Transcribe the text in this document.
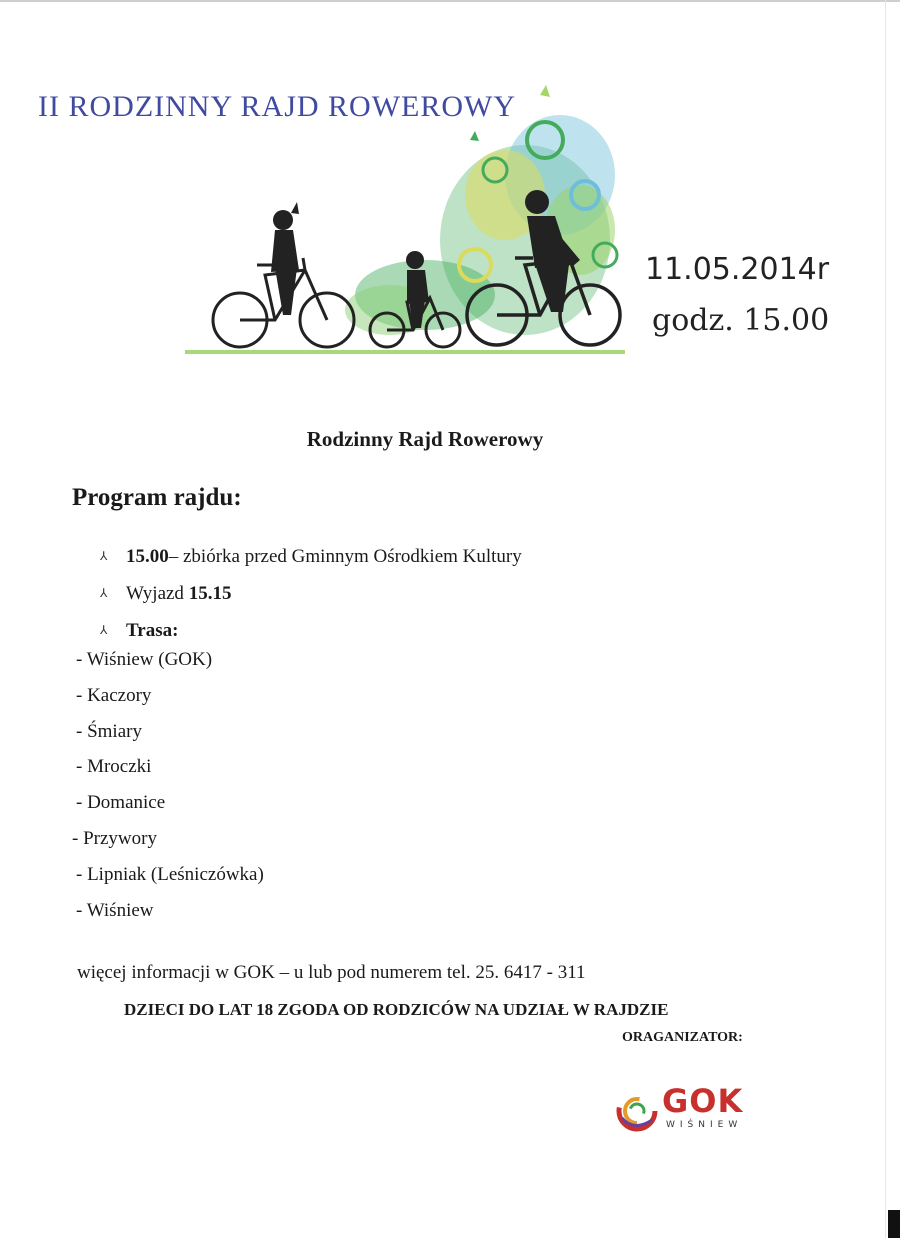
II RODZINNY RAJD ROWEROWY
11.05.2014r
godz. 15.00
Rodzinny Rajd Rowerowy
Program rajdu:
⅄ 15.00 – zbiórka przed Gminnym Ośrodkiem Kultury
⅄ Wyjazd 15.15
⅄ Trasa:
- Wiśniew (GOK)
- Kaczory
- Śmiary
- Mroczki
- Domanice
- Przywory
- Lipniak (Leśniczówka)
- Wiśniew
więcej informacji w GOK – u lub pod numerem tel. 25. 6417 - 311
DZIECI DO LAT 18 ZGODA OD RODZICÓW NA UDZIAŁ W RAJDZIE
ORAGANIZATOR:
GOK
WIŚNIEW
